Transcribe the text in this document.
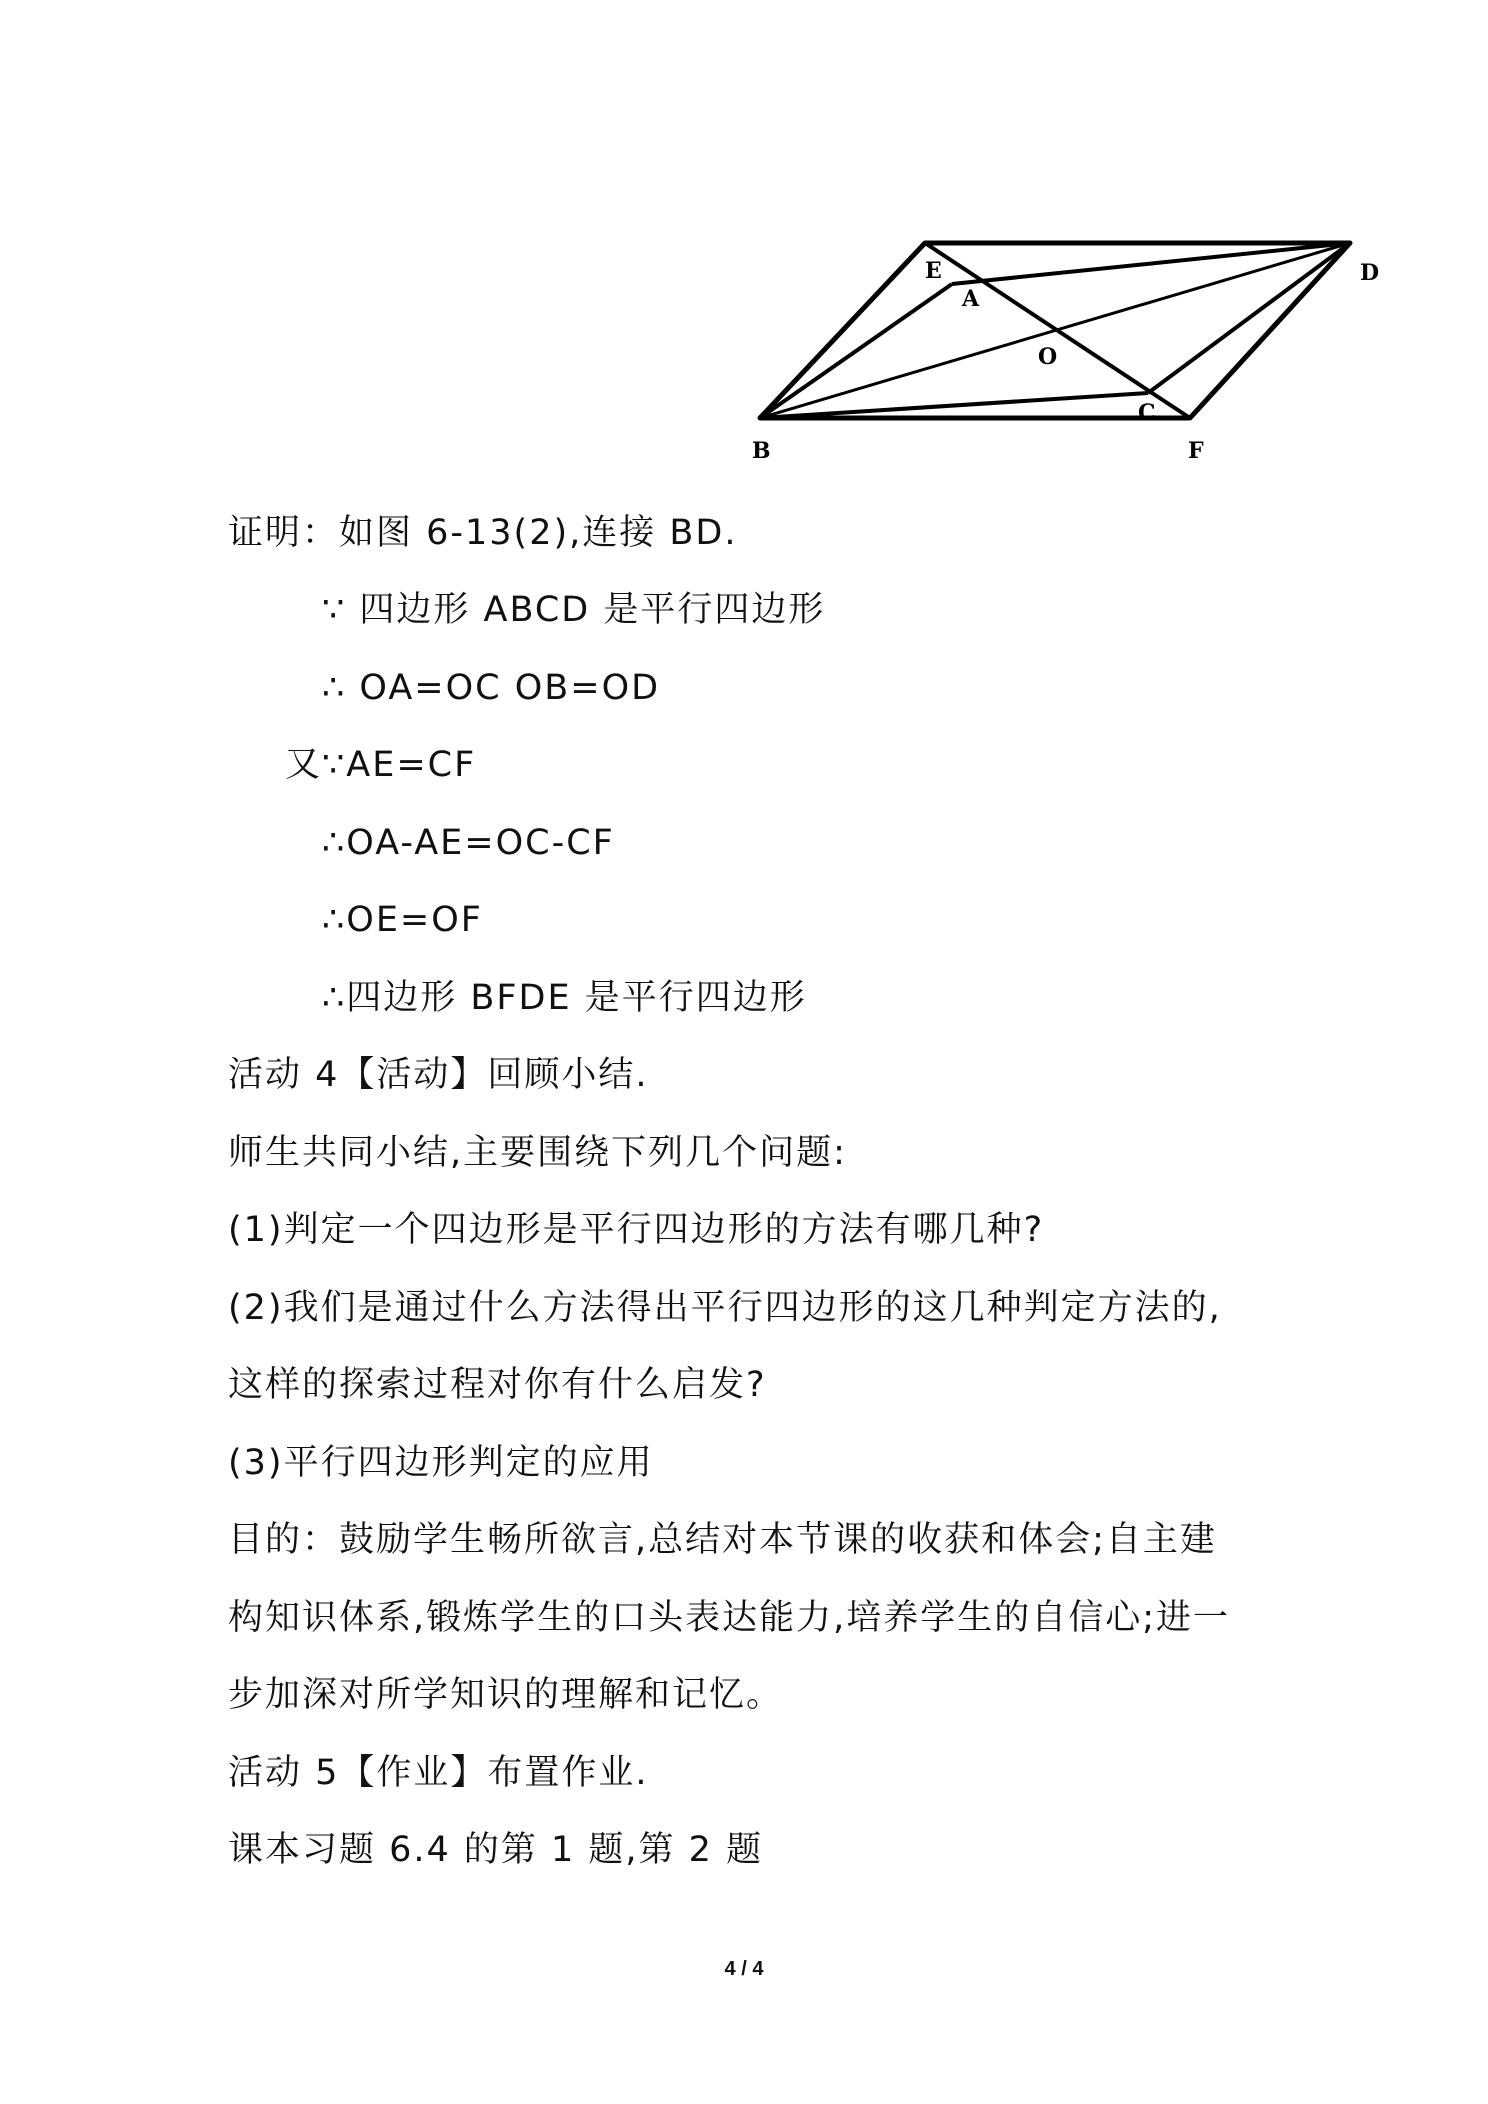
E
A
D
O
B
C
F
证明：如图 6-13(2),连接 BD.
∵ 四边形 ABCD 是平行四边形
∴ OA=OC OB=OD
又∵AE=CF
∴OA-AE=OC-CF
∴OE=OF
∴四边形 BFDE 是平行四边形
活动 4【活动】回顾小结.
师生共同小结,主要围绕下列几个问题:
(1)判定一个四边形是平行四边形的方法有哪几种?
(2)我们是通过什么方法得出平行四边形的这几种判定方法的,
这样的探索过程对你有什么启发?
(3)平行四边形判定的应用
目的：鼓励学生畅所欲言,总结对本节课的收获和体会;自主建
构知识体系,锻炼学生的口头表达能力,培养学生的自信心;进一
步加深对所学知识的理解和记忆。
活动 5【作业】布置作业.
课本习题 6.4 的第 1 题,第 2 题
4 / 4
